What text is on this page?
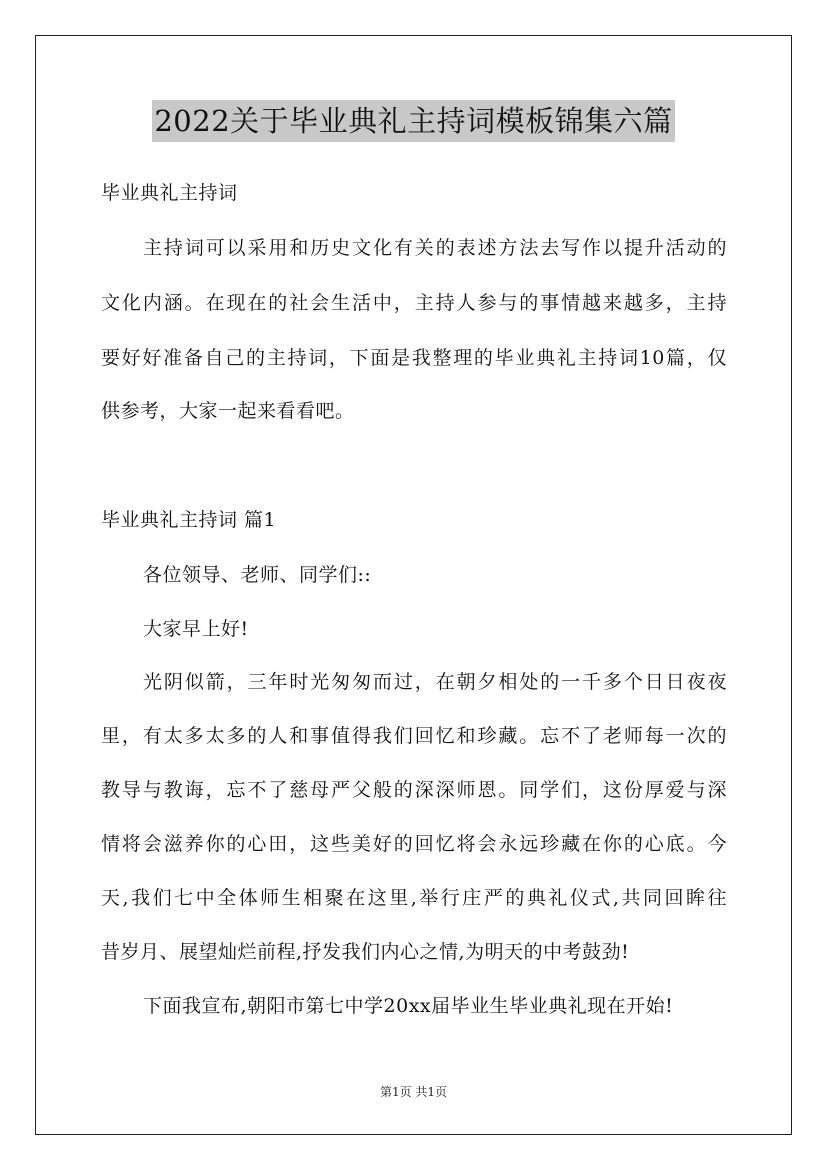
2022关于毕业典礼主持词模板锦集六篇
毕业典礼主持词
主持词可以采用和历史文化有关的表述方法去写作以提升活动的
文化内涵。在现在的社会生活中，主持人参与的事情越来越多，主持
要好好准备自己的主持词，下面是我整理的毕业典礼主持词10篇，仅
供参考，大家一起来看看吧。
毕业典礼主持词 篇1
各位领导、老师、同学们::
大家早上好!
光阴似箭，三年时光匆匆而过，在朝夕相处的一千多个日日夜夜
里，有太多太多的人和事值得我们回忆和珍藏。忘不了老师每一次的
教导与教诲，忘不了慈母严父般的深深师恩。同学们，这份厚爱与深
情将会滋养你的心田，这些美好的回忆将会永远珍藏在你的心底。今
天,我们七中全体师生相聚在这里,举行庄严的典礼仪式,共同回眸往
昔岁月、展望灿烂前程,抒发我们内心之情,为明天的中考鼓劲!
下面我宣布,朝阳市第七中学20xx届毕业生毕业典礼现在开始!
第1页 共1页
